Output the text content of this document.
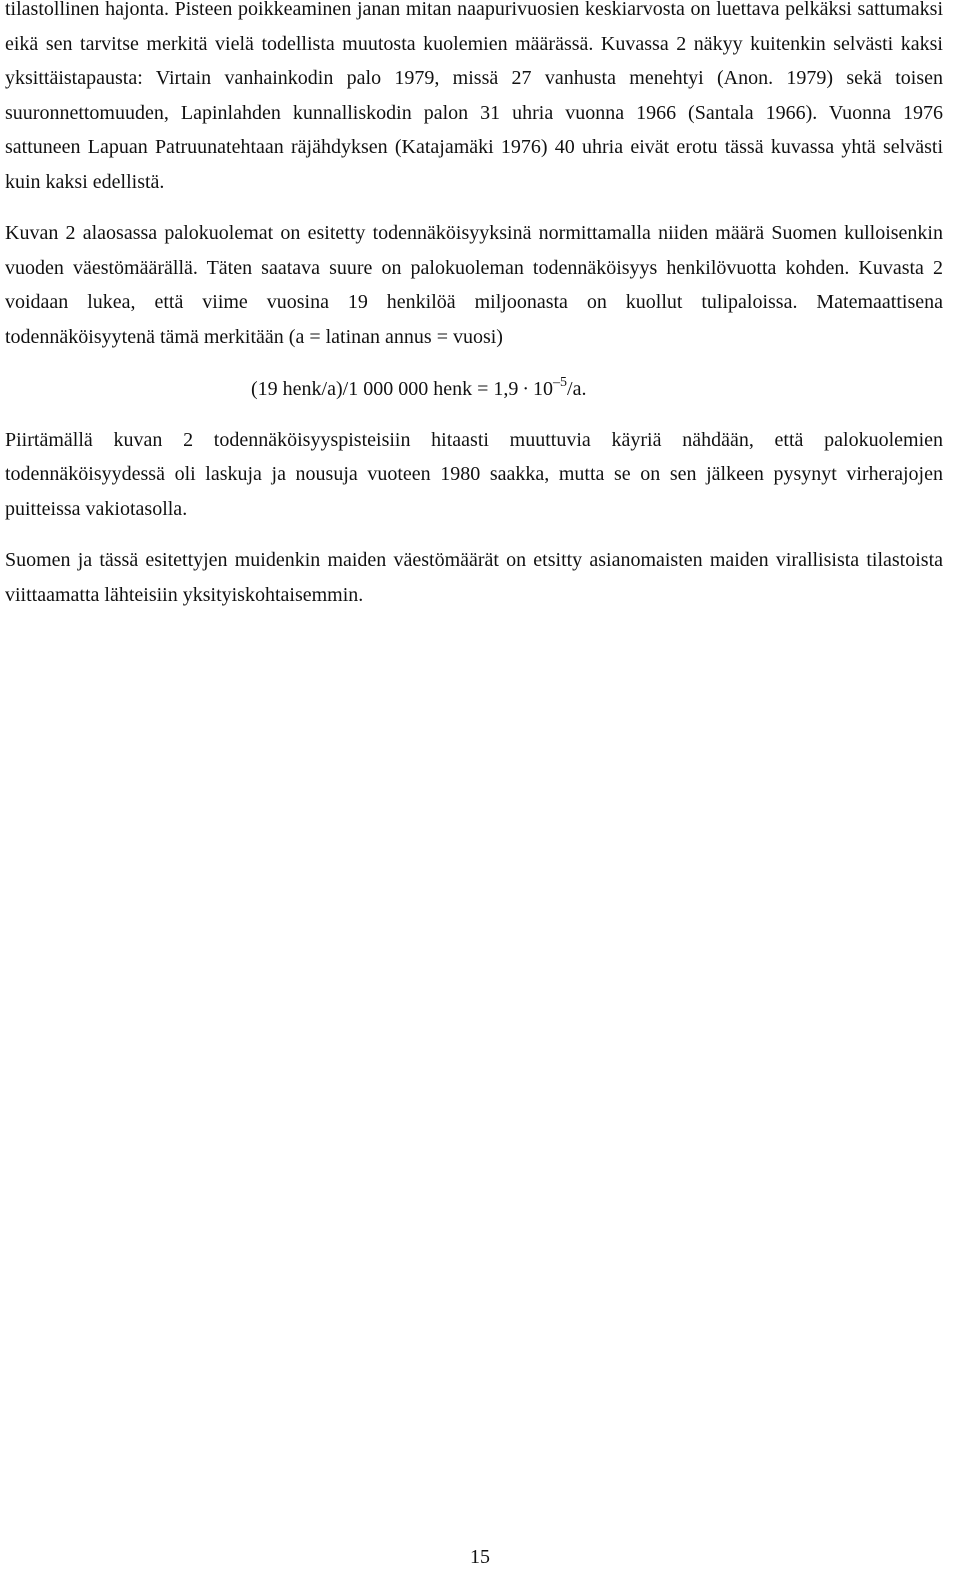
tilastollinen hajonta. Pisteen poikkeaminen janan mitan naapurivuosien keskiarvosta on luettava pelkäksi sattumaksi eikä sen tarvitse merkitä vielä todellista muutosta kuolemien määrässä. Kuvassa 2 näkyy kuitenkin selvästi kaksi yksittäistapausta: Virtain vanhainkodin palo 1979, missä 27 vanhusta menehtyi (Anon. 1979) sekä toisen suuronnettomuuden, Lapinlahden kunnalliskodin palon 31 uhria vuonna 1966 (Santala 1966). Vuonna 1976 sattuneen Lapuan Patruunatehtaan räjähdyksen (Katajamäki 1976) 40 uhria eivät erotu tässä kuvassa yhtä selvästi kuin kaksi edellistä.

Kuvan 2 alaosassa palokuolemat on esitetty todennäköisyyksinä normittamalla niiden määrä Suomen kulloisenkin vuoden väestömäärällä. Täten saatava suure on palokuoleman todennäköisyys henkilövuotta kohden. Kuvasta 2 voidaan lukea, että viime vuosina 19 henkilöä miljoonasta on kuollut tulipaloissa. Matemaattisena todennäköisyytenä tämä merkitään (a = latinan annus = vuosi)

(19 henk/a)/1 000 000 henk = $1,9 \cdot 10^{-5}/a$.

Piirtämällä kuvan 2 todennäköisyyspisteisiin hitaasti muuttuvia käyriä nähdään, että palokuolemien todennäköisyydessä oli laskuja ja nousuja vuoteen 1980 saakka, mutta se on sen jälkeen pysynyt virherajojen puitteissa vakiotasolla.

Suomen ja tässä esitettyjen muidenkin maiden väestömäärät on etsitty asianomaisten maiden virallisista tilastoista viittaamatta lähteisiin yksityiskohtaisemmin.

15
